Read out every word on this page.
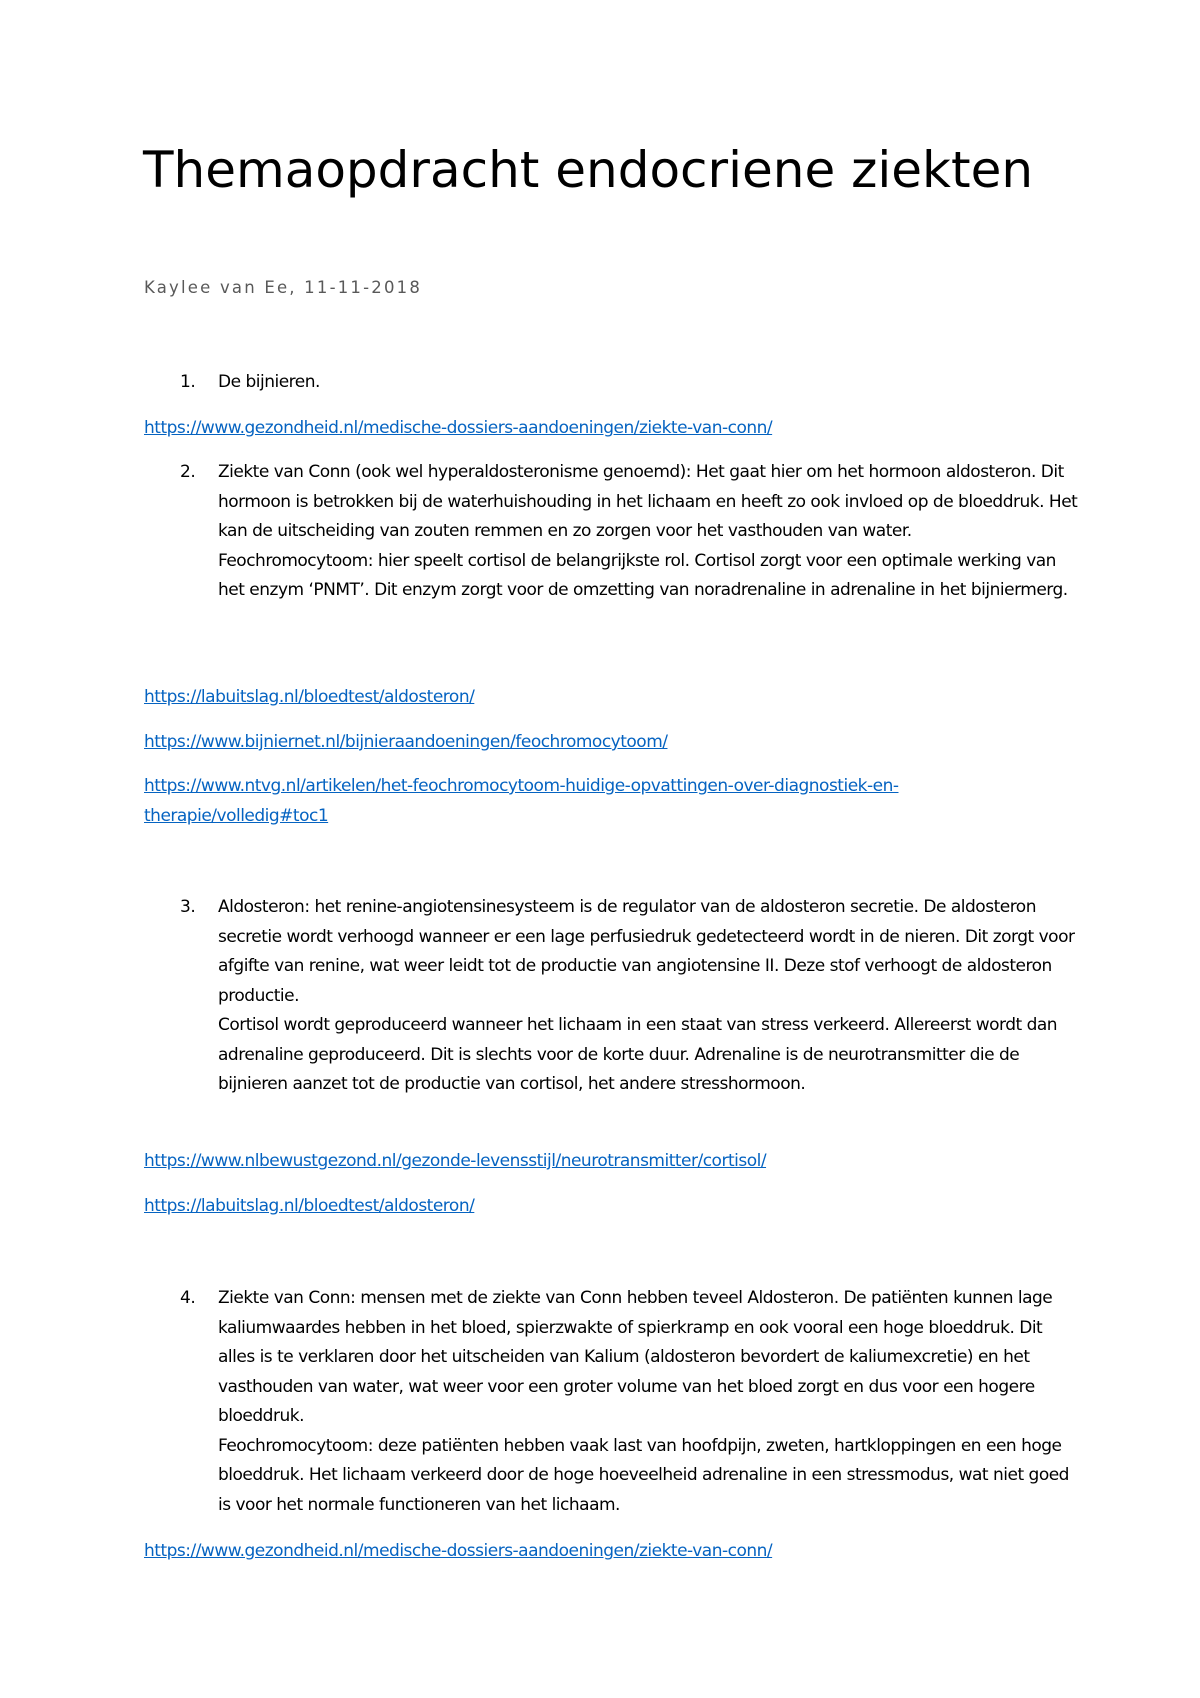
Themaopdracht endocriene ziekten

Kaylee van Ee, 11-11-2018

1.	De bijnieren.
https://www.gezondheid.nl/medische-dossiers-aandoeningen/ziekte-van-conn/
2.	Ziekte van Conn (ook wel hyperaldosteronisme genoemd): Het gaat hier om het hormoon aldosteron. Dit hormoon is betrokken bij de waterhuishouding in het lichaam en heeft zo ook invloed op de bloeddruk. Het kan de uitscheiding van zouten remmen en zo zorgen voor het vasthouden van water.
Feochromocytoom: hier speelt cortisol de belangrijkste rol. Cortisol zorgt voor een optimale werking van het enzym ‘PNMT’. Dit enzym zorgt voor de omzetting van noradrenaline in adrenaline in het bijniermerg.
https://labuitslag.nl/bloedtest/aldosteron/
https://www.bijniernet.nl/bijnieraandoeningen/feochromocytoom/
https://www.ntvg.nl/artikelen/het-feochromocytoom-huidige-opvattingen-over-diagnostiek-en-therapie/volledig#toc1
3.	Aldosteron: het renine-angiotensinesysteem is de regulator van de aldosteron secretie. De aldosteron secretie wordt verhoogd wanneer er een lage perfusiedruk gedetecteerd wordt in de nieren. Dit zorgt voor afgifte van renine, wat weer leidt tot de productie van angiotensine II. Deze stof verhoogt de aldosteron productie.
Cortisol wordt geproduceerd wanneer het lichaam in een staat van stress verkeerd. Allereerst wordt dan adrenaline geproduceerd. Dit is slechts voor de korte duur. Adrenaline is de neurotransmitter die de bijnieren aanzet tot de productie van cortisol, het andere stresshormoon.
https://www.nlbewustgezond.nl/gezonde-levensstijl/neurotransmitter/cortisol/
https://labuitslag.nl/bloedtest/aldosteron/
4.	Ziekte van Conn: mensen met de ziekte van Conn hebben teveel Aldosteron. De patiënten kunnen lage kaliumwaardes hebben in het bloed, spierzwakte of spierkramp en ook vooral een hoge bloeddruk. Dit alles is te verklaren door het uitscheiden van Kalium (aldosteron bevordert de kaliumexcretie) en het vasthouden van water, wat weer voor een groter volume van het bloed zorgt en dus voor een hogere bloeddruk.
Feochromocytoom: deze patiënten hebben vaak last van hoofdpijn, zweten, hartkloppingen en een hoge bloeddruk. Het lichaam verkeerd door de hoge hoeveelheid adrenaline in een stressmodus, wat niet goed is voor het normale functioneren van het lichaam.
https://www.gezondheid.nl/medische-dossiers-aandoeningen/ziekte-van-conn/
